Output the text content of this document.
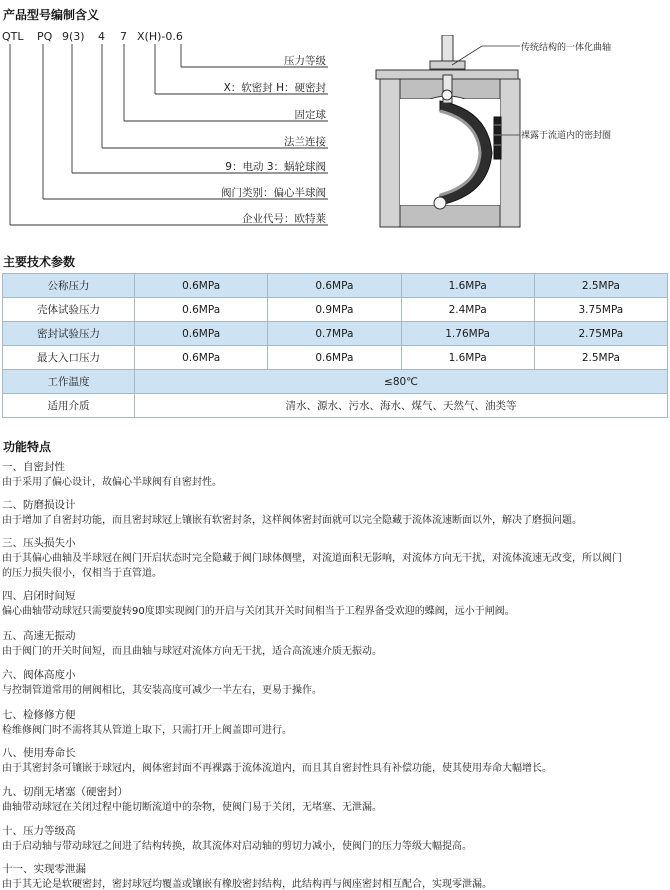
产品型号编制含义
QTL PQ 9(3) 4 7 X(H)-0.6
压力等级
X：软密封 H：硬密封
固定球
法兰连接
9：电动 3：蜗轮球阀
阀门类别：偏心半球阀
企业代号：欧特莱
传统结构的一体化曲轴
裸露于流道内的密封圈
主要技术参数
公称压力	0.6MPa	0.6MPa	1.6MPa	2.5MPa
壳体试验压力	0.6MPa	0.9MPa	2.4MPa	3.75MPa
密封试验压力	0.6MPa	0.7MPa	1.76MPa	2.75MPa
最大入口压力	0.6MPa	0.6MPa	1.6MPa	2.5MPa
工作温度	≤80℃			
适用介质	清水、源水、污水、海水、煤气、天然气、油类等			
功能特点
一、自密封性
由于采用了偏心设计，故偏心半球阀有自密封性。
二、防磨损设计
由于增加了自密封功能，而且密封球冠上镶嵌有软密封条，这样阀体密封面就可以完全隐藏于流体流速断面以外，解决了磨损问题。
三、压头损失小
由于其偏心曲轴及半球冠在阀门开启状态时完全隐藏于阀门球体侧壁，对流道面积无影响，对流体方向无干扰，对流体流速无改变，所以阀门
的压力损失很小，仅相当于直管道。
四、启闭时间短
偏心曲轴带动球冠只需要旋转90度即实现阀门的开启与关闭其开关时间相当于工程界备受欢迎的蝶阀，远小于闸阀。
五、高速无振动
由于阀门的开关时间短，而且曲轴与球冠对流体方向无干扰，适合高流速介质无振动。
六、阀体高度小
与控制管道常用的闸阀相比，其安装高度可减少一半左右，更易于操作。
七、检修修方便
检维修阀门时不需将其从管道上取下，只需打开上阀盖即可进行。
八、使用寿命长
由于其密封条可镶嵌于球冠内，阀体密封面不再裸露于流体流道内，而且其自密封性具有补偿功能，使其使用寿命大幅增长。
九、切削无堵塞（硬密封）
曲轴带动球冠在关闭过程中能切断流道中的杂物，使阀门易于关闭，无堵塞、无泄漏。
十、压力等级高
由于启动轴与带动球冠之间进了结构转换，故其流体对启动轴的剪切力减小，使阀门的压力等级大幅提高。
十一、实现零泄漏
由于其无论是软硬密封，密封球冠均覆盖或镶嵌有橡胶密封结构，此结构再与阀座密封相互配合，实现零泄漏。
